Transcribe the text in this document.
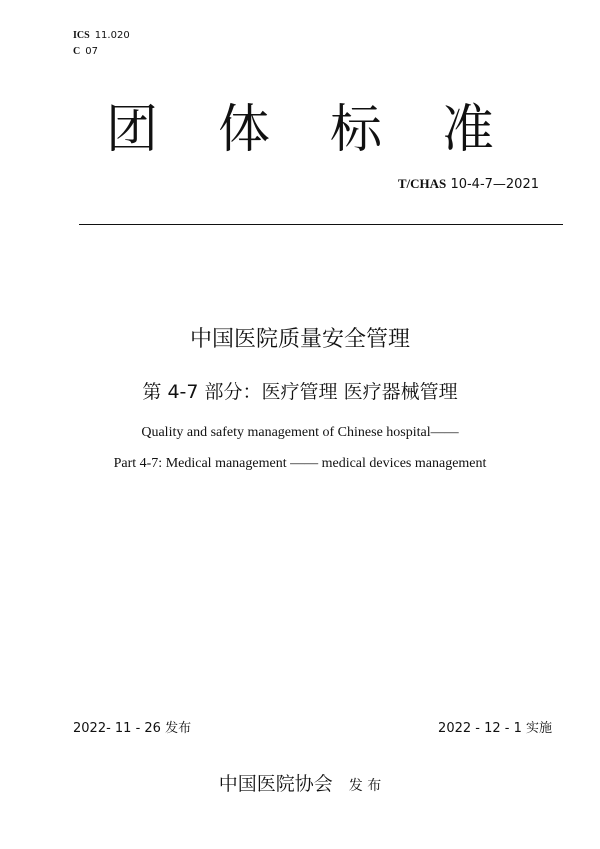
ICS 11.020
C 07
团体标准
T/CHAS 10-4-7—2021
中国医院质量安全管理
第 4-7 部分：医疗管理 医疗器械管理
Quality and safety management of Chinese hospital——
Part 4-7: Medical management —— medical devices management
2022- 11 - 26 发布	2022 - 12 - 1 实施
中国医院协会 发 布
